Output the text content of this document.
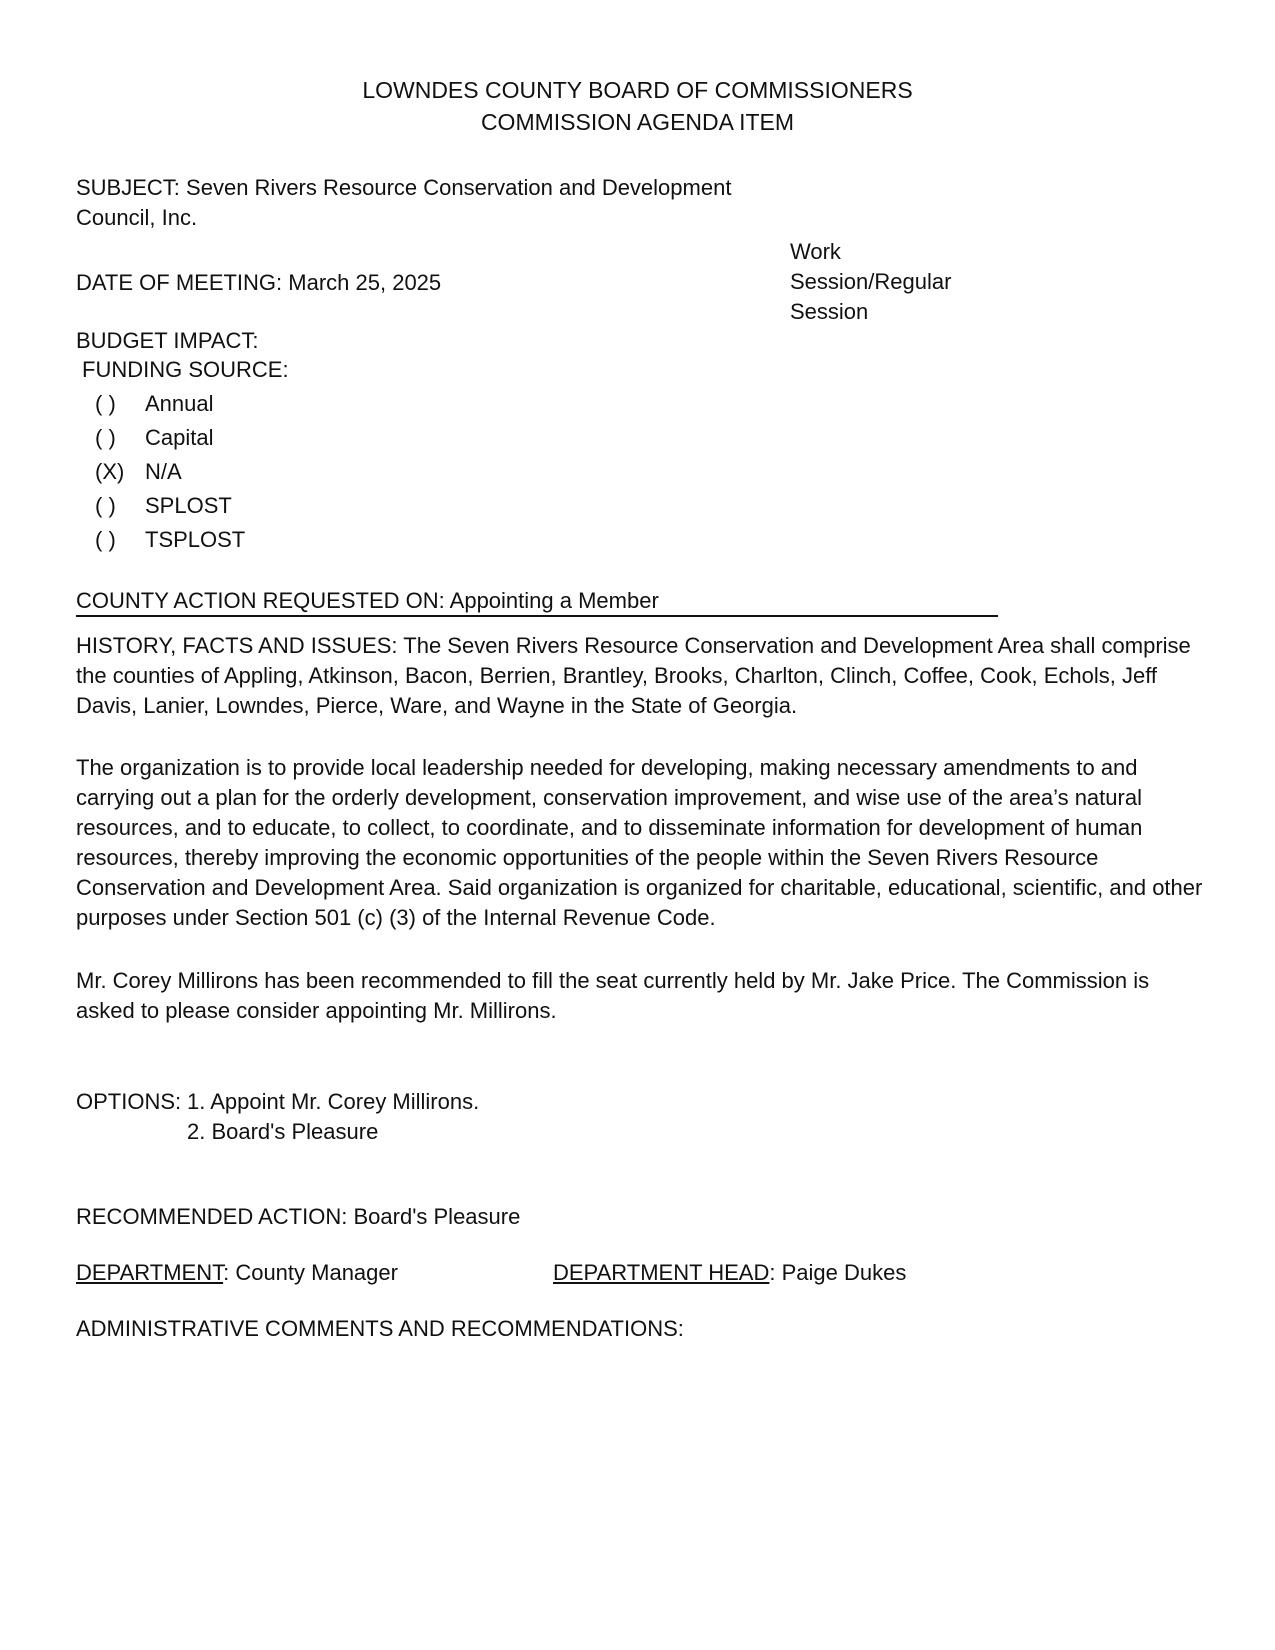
LOWNDES COUNTY BOARD OF COMMISSIONERS
COMMISSION AGENDA ITEM
SUBJECT: Seven Rivers Resource Conservation and Development
Council, Inc.
DATE OF MEETING: March 25, 2025
Work
Session/Regular
Session
BUDGET IMPACT:
FUNDING SOURCE:
( )	Annual
( )	Capital
(X) N/A
( )	SPLOST
( )	TSPLOST
COUNTY ACTION REQUESTED ON: Appointing a Member
HISTORY, FACTS AND ISSUES: The Seven Rivers Resource Conservation and Development Area shall comprise the counties of Appling, Atkinson, Bacon, Berrien, Brantley, Brooks, Charlton, Clinch, Coffee, Cook, Echols, Jeff Davis, Lanier, Lowndes, Pierce, Ware, and Wayne in the State of Georgia.
The organization is to provide local leadership needed for developing, making necessary amendments to and carrying out a plan for the orderly development, conservation improvement, and wise use of the area’s natural resources, and to educate, to collect, to coordinate, and to disseminate information for development of human resources, thereby improving the economic opportunities of the people within the Seven Rivers Resource Conservation and Development Area. Said organization is organized for charitable, educational, scientific, and other purposes under Section 501 (c) (3) of the Internal Revenue Code.
Mr. Corey Millirons has been recommended to fill the seat currently held by Mr. Jake Price. The Commission is asked to please consider appointing Mr. Millirons.
OPTIONS: 1. Appoint Mr. Corey Millirons.
2. Board's Pleasure
RECOMMENDED ACTION: Board's Pleasure
DEPARTMENT: County Manager	DEPARTMENT HEAD: Paige Dukes
ADMINISTRATIVE COMMENTS AND RECOMMENDATIONS:
